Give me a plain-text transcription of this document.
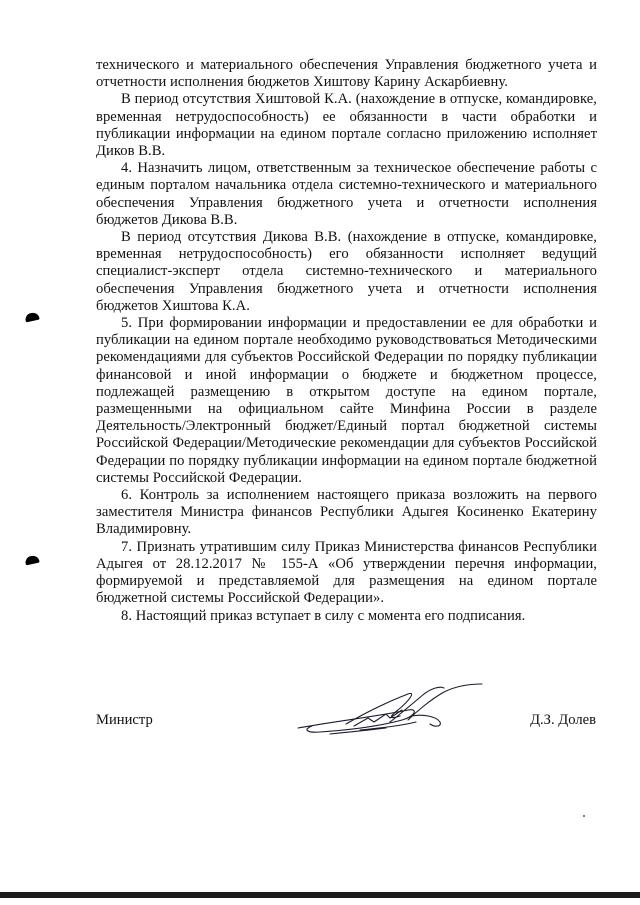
технического и материального обеспечения Управления бюджетного учета и отчетности исполнения бюджетов Хиштову Карину Аскарбиевну.

В период отсутствия Хиштовой К.А. (нахождение в отпуске, командировке, временная нетрудоспособность) ее обязанности в части обработки и публикации информации на едином портале согласно приложению исполняет Диков В.В.

4. Назначить лицом, ответственным за техническое обеспечение работы с единым порталом начальника отдела системно-технического и материального обеспечения Управления бюджетного учета и отчетности исполнения бюджетов Дикова В.В.

В период отсутствия Дикова В.В. (нахождение в отпуске, командировке, временная нетрудоспособность) его обязанности исполняет ведущий специалист-эксперт отдела системно-технического и материального обеспечения Управления бюджетного учета и отчетности исполнения бюджетов Хиштова К.А.

5. При формировании информации и предоставлении ее для обработки и публикации на едином портале необходимо руководствоваться Методическими рекомендациями для субъектов Российской Федерации по порядку публикации финансовой и иной информации о бюджете и бюджетном процессе, подлежащей размещению в открытом доступе на едином портале, размещенными на официальном сайте Минфина России в разделе Деятельность/Электронный бюджет/Единый портал бюджетной системы Российской Федерации/Методические рекомендации для субъектов Российской Федерации по порядку публикации информации на едином портале бюджетной системы Российской Федерации.

6. Контроль за исполнением настоящего приказа возложить на первого заместителя Министра финансов Республики Адыгея Косиненко Екатерину Владимировну.

7. Признать утратившим силу Приказ Министерства финансов Республики Адыгея от 28.12.2017 № 155-А «Об утверждении перечня информации, формируемой и представляемой для размещения на едином портале бюджетной системы Российской Федерации».

8. Настоящий приказ вступает в силу с момента его подписания.

Министр	Д.З. Долев
